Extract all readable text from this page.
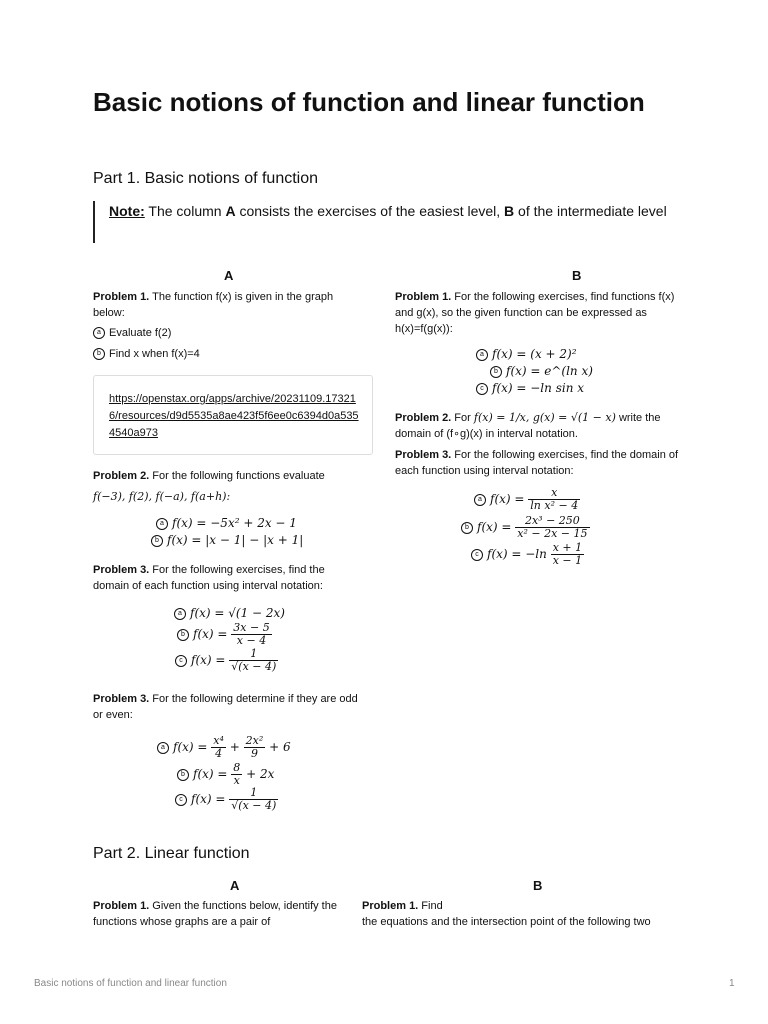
Basic notions of function and linear function
Part 1. Basic notions of function
Note: The column A consists the exercises of the easiest level, B of the intermediate level
A	B
Problem 1. The function f(x) is given in the graph below:
a Evaluate f(2)
b Find x when f(x)=4
https://openstax.org/apps/archive/20231109.173216/resources/d9d5535a8ae423f5f6ee0c6394d0a5354540a973
Problem 2. For the following functions evaluate
f(−3), f(2), f(−a), f(a+h):
a f(x) = −5x² + 2x − 1
b f(x) = |x − 1| − |x + 1|
Problem 3. For the following exercises, find the domain of each function using interval notation:
a f(x) = √(1 − 2x)
b $f(x) = \frac{3x - 5}{x - 4}$
c $f(x) = \frac{1}{√(x - 4)}$
Problem 3. For the following determine if they are odd or even:
a $f(x) = \frac{\text{x⁴}}{4} + \frac{\text{2x²}}{9} + 6$
b $f(x) = \frac{8}{x} + 2x$
c $f(x) = \frac{1}{√(x - 4)}$
Problem 1. For the following exercises, find functions f(x) and g(x), so the given function can be expressed as h(x)=f(g(x)):
a f(x) = (x + 2)²
b f(x) = e^(ln x)
c f(x) = −ln sin x
Problem 2. For f(x) = 1/x, g(x) = √(1 − x) write the domain of (f∘g)(x) in interval notation.
Problem 3. For the following exercises, find the domain of each function using interval notation:
a $f(x) = \frac{x}{\text{ln x² − 4}}$
b $f(x) = \frac{\text{2x³ − 250}}{\text{x² − 2x − 15}}$
c $f(x) = -\ln \frac{x + 1}{x - 1}$
Part 2. Linear function
A	B
Problem 1. Given the functions below, identify the functions whose graphs are a pair of
Problem 1. Find
the equations and the intersection point of the following two
Basic notions of function and linear function	1
